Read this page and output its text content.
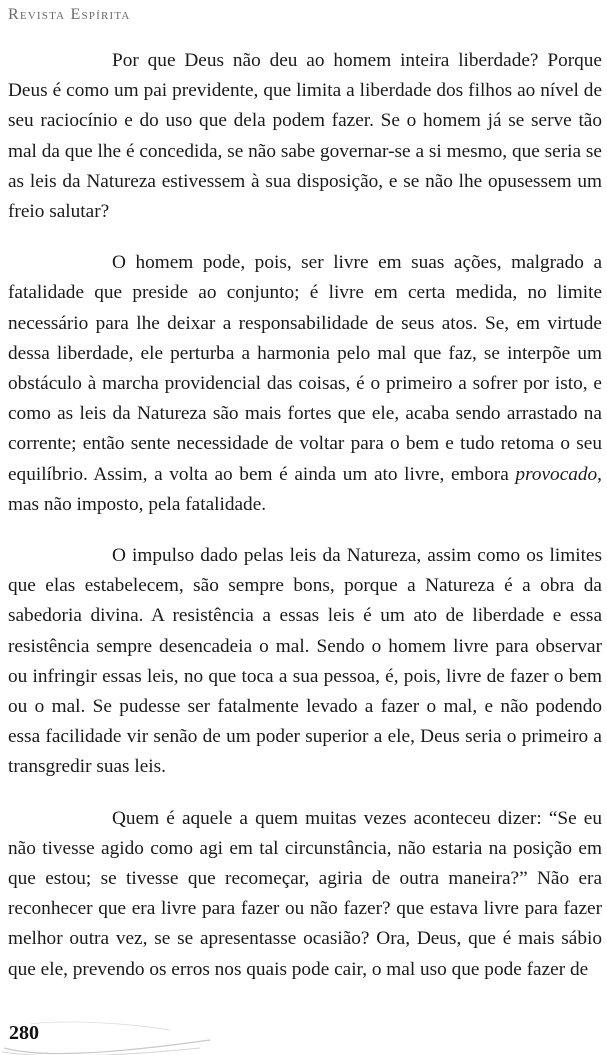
Revista Espírita

Por que Deus não deu ao homem inteira liberdade? Porque Deus é como um pai previdente, que limita a liberdade dos filhos ao nível de seu raciocínio e do uso que dela podem fazer. Se o homem já se serve tão mal da que lhe é concedida, se não sabe governar-se a si mesmo, que seria se as leis da Natureza estivessem à sua disposição, e se não lhe opusessem um freio salutar?

O homem pode, pois, ser livre em suas ações, malgrado a fatalidade que preside ao conjunto; é livre em certa medida, no limite necessário para lhe deixar a responsabilidade de seus atos. Se, em virtude dessa liberdade, ele perturba a harmonia pelo mal que faz, se interpõe um obstáculo à marcha providencial das coisas, é o primeiro a sofrer por isto, e como as leis da Natureza são mais fortes que ele, acaba sendo arrastado na corrente; então sente necessidade de voltar para o bem e tudo retoma o seu equilíbrio. Assim, a volta ao bem é ainda um ato livre, embora provocado, mas não imposto, pela fatalidade.

O impulso dado pelas leis da Natureza, assim como os limites que elas estabelecem, são sempre bons, porque a Natureza é a obra da sabedoria divina. A resistência a essas leis é um ato de liberdade e essa resistência sempre desencadeia o mal. Sendo o homem livre para observar ou infringir essas leis, no que toca a sua pessoa, é, pois, livre de fazer o bem ou o mal. Se pudesse ser fatalmente levado a fazer o mal, e não podendo essa facilidade vir senão de um poder superior a ele, Deus seria o primeiro a transgredir suas leis.

Quem é aquele a quem muitas vezes aconteceu dizer: “Se eu não tivesse agido como agi em tal circunstância, não estaria na posição em que estou; se tivesse que recomeçar, agiria de outra maneira?” Não era reconhecer que era livre para fazer ou não fazer? que estava livre para fazer melhor outra vez, se se apresentasse ocasião? Ora, Deus, que é mais sábio que ele, prevendo os erros nos quais pode cair, o mal uso que pode fazer de

280
